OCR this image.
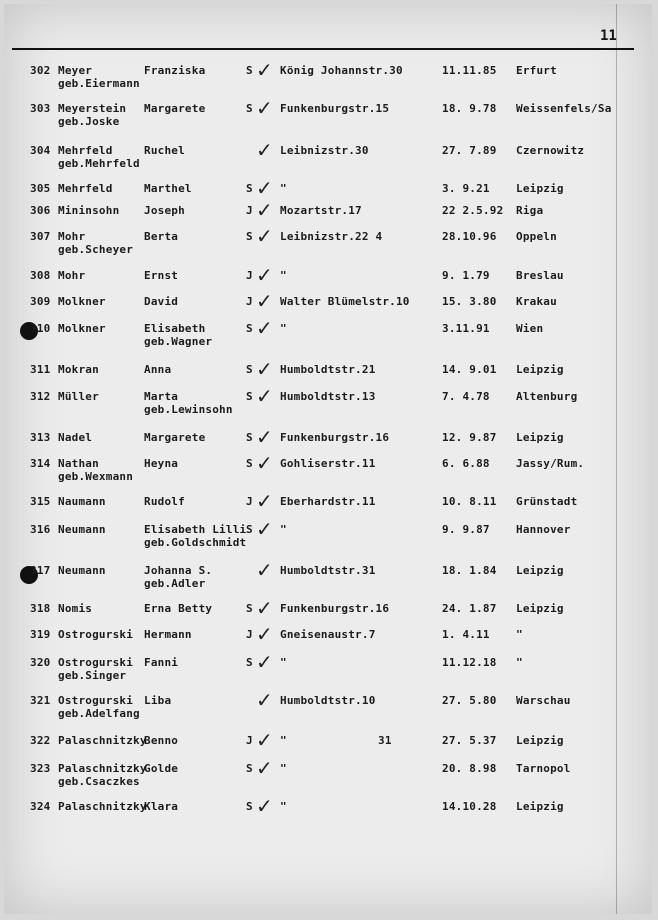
11
302 Meyer	Franziska
geb.Eiermann
S ✓ König Johannstr.30	11.11.85 Erfurt
303 Meyerstein Margarete
geb.Joske
S ✓ Funkenburgstr.15	18. 9.78 Weissenfels/Sa
304 Mehrfeld	Ruchel
geb.Mehrfeld
✓ Leibnizstr.30	27. 7.89 Czernowitz
305 Mehrfeld	Marthel	S ✓ "	3. 9.21 Leipzig
306 Mininsohn Joseph	J ✓ Mozartstr.17	22 2.5.92 Riga
307 Mohr	Berta
geb.Scheyer
S ✓ Leibnizstr.22 4	28.10.96 Oppeln
308 Mohr	Ernst	J ✓ "	9. 1.79 Breslau
309 Molkner	David	J ✓ Walter Blümelstr.10	15. 3.80 Krakau
310 Molkner	Elisabeth
geb.Wagner
S ✓ "	3.11.91 Wien
311 Mokran	Anna	S ✓ Humboldtstr.21	14. 9.01 Leipzig
312 Müller	Marta
geb.Lewinsohn
S ✓ Humboldtstr.13	7. 4.78 Altenburg
313 Nadel	Margarete	S ✓ Funkenburgstr.16	12. 9.87 Leipzig
314 Nathan	Heyna
geb.Wexmann
S ✓ Gohliserstr.11	6. 6.88 Jassy/Rum.
315 Naumann	Rudolf	J ✓ Eberhardstr.11	10. 8.11 Grünstadt
316 Neumann	Elisabeth Lilli
geb.Goldschmidt
S ✓ "	9. 9.87 Hannover
317 Neumann	Johanna S.
geb.Adler
✓ Humboldtstr.31	18. 1.84 Leipzig
318 Nomis	Erna Betty	S ✓ Funkenburgstr.16	24. 1.87 Leipzig
319 Ostrogurski Hermann	J ✓ Gneisenaustr.7	1. 4.11 "
320 Ostrogurski Fanni
geb.Singer
S ✓ "	11.12.18 "
321 Ostrogurski Liba
geb.Adelfang
✓ Humboldtstr.10	27. 5.80 Warschau
322 Palaschnitzky
Benno	J ✓ "	31	27. 5.37 Leipzig
323 Palaschnitzky
Golde
geb.Csaczkes
S ✓ "	20. 8.98 Tarnopol
324 Palaschnitzky
Klara	S ✓ "	14.10.28 Leipzig
